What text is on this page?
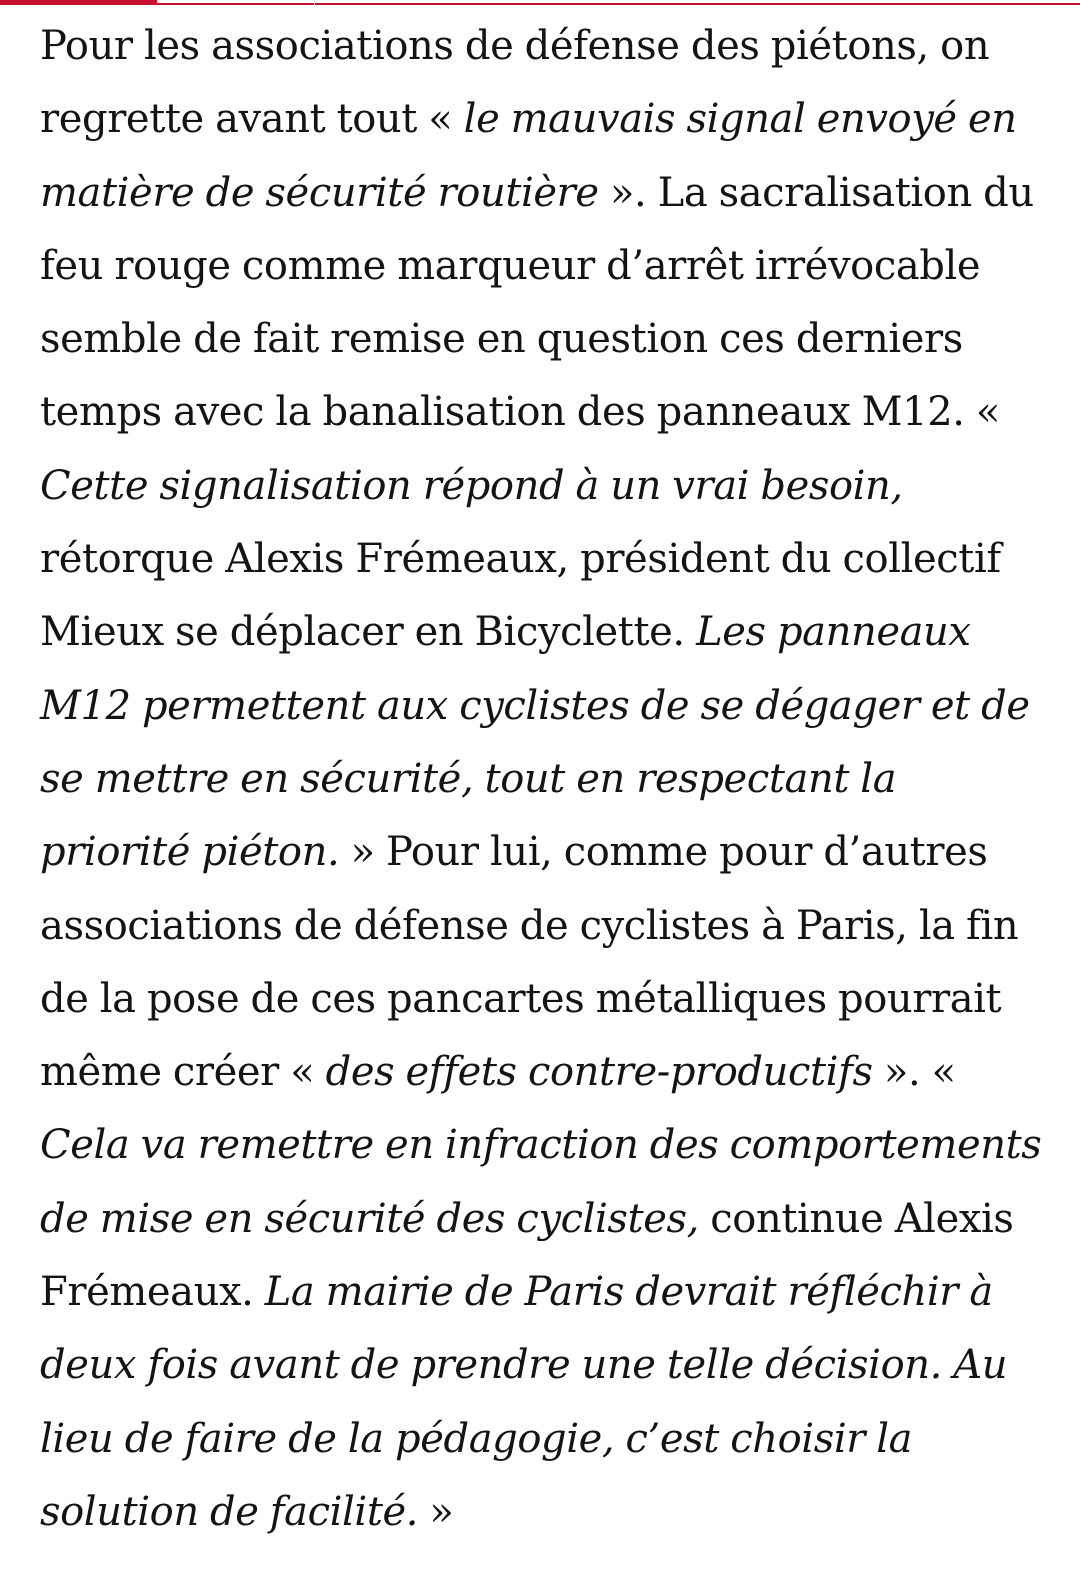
Pour les associations de défense des piétons, on regrette avant tout « le mauvais signal envoyé en matière de sécurité routière ». La sacralisation du feu rouge comme marqueur d’arrêt irrévocable semble de fait remise en question ces derniers temps avec la banalisation des panneaux M12. « Cette signalisation répond à un vrai besoin, rétorque Alexis Frémeaux, président du collectif Mieux se déplacer en Bicyclette. Les panneaux M12 permettent aux cyclistes de se dégager et de se mettre en sécurité, tout en respectant la priorité piéton. » Pour lui, comme pour d’autres associations de défense de cyclistes à Paris, la fin de la pose de ces pancartes métalliques pourrait même créer « des effets contre-productifs ». « Cela va remettre en infraction des comportements de mise en sécurité des cyclistes, continue Alexis Frémeaux. La mairie de Paris devrait réfléchir à deux fois avant de prendre une telle décision. Au lieu de faire de la pédagogie, c’est choisir la solution de facilité. »
